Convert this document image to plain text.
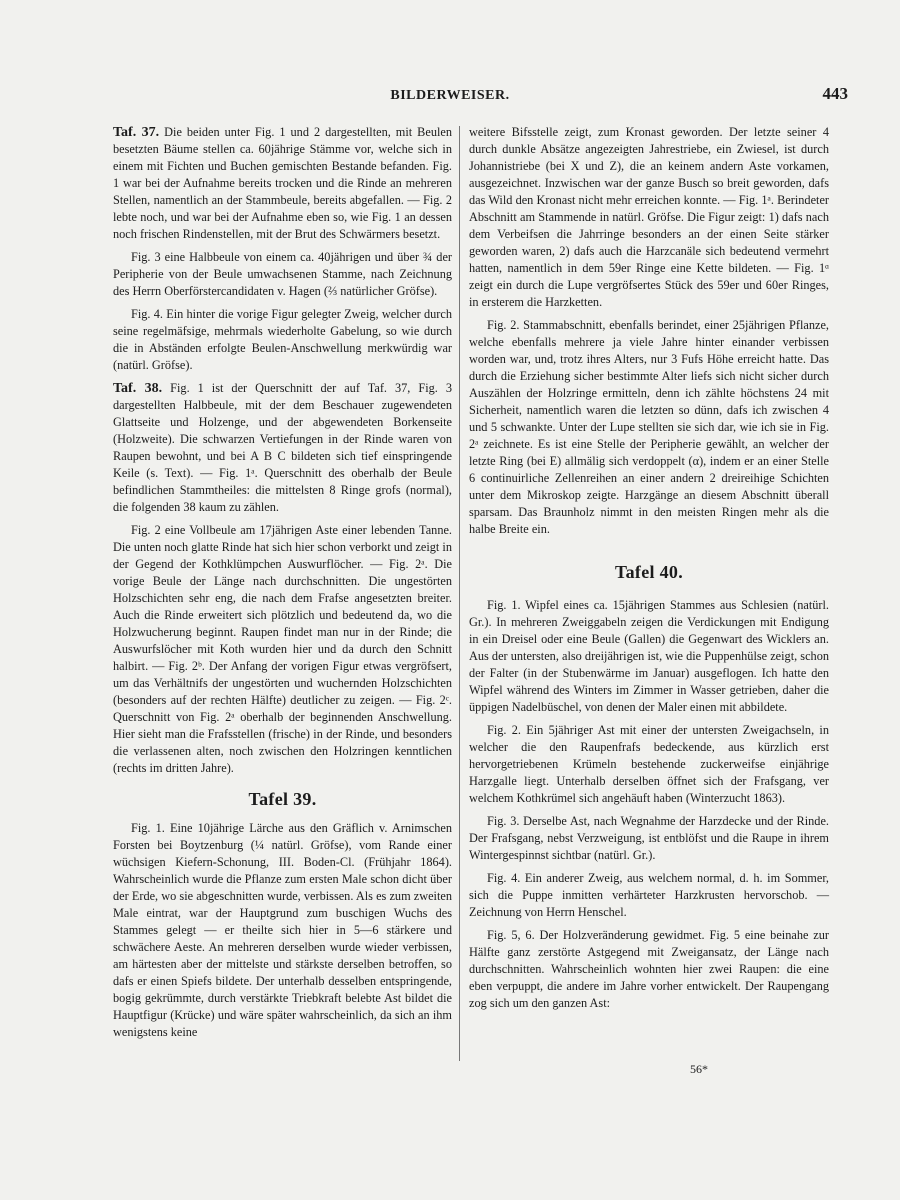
BILDERWEISER.	443

Taf. 37. Die beiden unter Fig. 1 und 2 dargestellten, mit Beulen besetzten Bäume stellen ca. 60jährige Stämme vor, welche sich in einem mit Fichten und Buchen gemischten Bestande befanden. Fig. 1 war bei der Aufnahme bereits trocken und die Rinde an mehreren Stellen, namentlich an der Stammbeule, bereits abgefallen. — Fig. 2 lebte noch, und war bei der Aufnahme eben so, wie Fig. 1 an dessen noch frischen Rindenstellen, mit der Brut des Schwärmers besetzt.

Fig. 3 eine Halbbeule von einem ca. 40jährigen und über ¾ der Peripherie von der Beule umwachsenen Stamme, nach Zeichnung des Herrn Oberförstercandidaten v. Hagen (⅔ natürlicher Gröfse).

Fig. 4. Ein hinter die vorige Figur gelegter Zweig, welcher durch seine regelmäfsige, mehrmals wiederholte Gabelung, so wie durch die in Abständen erfolgte Beulen-Anschwellung merkwürdig war (natürl. Gröfse).

Taf. 38. Fig. 1 ist der Querschnitt der auf Taf. 37, Fig. 3 dargestellten Halbbeule, mit der dem Beschauer zugewendeten Glattseite und Holzenge, und der abgewendeten Borkenseite (Holzweite). Die schwarzen Vertiefungen in der Rinde waren von Raupen bewohnt, und bei A B C bildeten sich tief einspringende Keile (s. Text). — Fig. 1ᵃ. Querschnitt des oberhalb der Beule befindlichen Stammtheiles: die mittelsten 8 Ringe grofs (normal), die folgenden 38 kaum zu zählen.

Fig. 2 eine Vollbeule am 17jährigen Aste einer lebenden Tanne. Die unten noch glatte Rinde hat sich hier schon verborkt und zeigt in der Gegend der Kothklümpchen Auswurflöcher. — Fig. 2ᵃ. Die vorige Beule der Länge nach durchschnitten. Die ungestörten Holzschichten sehr eng, die nach dem Frafse angesetzten breiter. Auch die Rinde erweitert sich plötzlich und bedeutend da, wo die Holzwucherung beginnt. Raupen findet man nur in der Rinde; die Auswurfslöcher mit Koth wurden hier und da durch den Schnitt halbirt. — Fig. 2ᵇ. Der Anfang der vorigen Figur etwas vergröfsert, um das Verhältnifs der ungestörten und wuchernden Holzschichten (besonders auf der rechten Hälfte) deutlicher zu zeigen. — Fig. 2ᶜ. Querschnitt von Fig. 2ᵃ oberhalb der beginnenden Anschwellung. Hier sieht man die Frafsstellen (frische) in der Rinde, und besonders die verlassenen alten, noch zwischen den Holzringen kenntlichen (rechts im dritten Jahre).

Tafel 39.

Fig. 1. Eine 10jährige Lärche aus den Gräflich v. Arnimschen Forsten bei Boytzenburg (¼ natürl. Gröfse), vom Rande einer wüchsigen Kiefern-Schonung, III. Boden-Cl. (Frühjahr 1864). Wahrscheinlich wurde die Pflanze zum ersten Male schon dicht über der Erde, wo sie abgeschnitten wurde, verbissen. Als es zum zweiten Male eintrat, war der Hauptgrund zum buschigen Wuchs des Stammes gelegt — er theilte sich hier in 5—6 stärkere und schwächere Aeste. An mehreren derselben wurde wieder verbissen, am härtesten aber der mittelste und stärkste derselben betroffen, so dafs er einen Spiefs bildete. Der unterhalb desselben entspringende, bogig gekrümmte, durch verstärkte Triebkraft belebte Ast bildet die Hauptfigur (Krücke) und wäre später wahrscheinlich, da sich an ihm wenigstens keine

weitere Bifsstelle zeigt, zum Kronast geworden. Der letzte seiner 4 durch dunkle Absätze angezeigten Jahrestriebe, ein Zwiesel, ist durch Johannistriebe (bei X und Z), die an keinem andern Aste vorkamen, ausgezeichnet. Inzwischen war der ganze Busch so breit geworden, dafs das Wild den Kronast nicht mehr erreichen konnte. — Fig. 1ᵃ. Berindeter Abschnitt am Stammende in natürl. Gröfse. Die Figur zeigt: 1) dafs nach dem Verbeifsen die Jahrringe besonders an der einen Seite stärker geworden waren, 2) dafs auch die Harzcanäle sich bedeutend vermehrt hatten, namentlich in dem 59er Ringe eine Kette bildeten. — Fig. 1ᵅ zeigt ein durch die Lupe vergröfsertes Stück des 59er und 60er Ringes, in ersterem die Harzketten.

Fig. 2. Stammabschnitt, ebenfalls berindet, einer 25jährigen Pflanze, welche ebenfalls mehrere ja viele Jahre hinter einander verbissen worden war, und, trotz ihres Alters, nur 3 Fufs Höhe erreicht hatte. Das durch die Erziehung sicher bestimmte Alter liefs sich nicht sicher durch Auszählen der Holzringe ermitteln, denn ich zählte höchstens 24 mit Sicherheit, namentlich waren die letzten so dünn, dafs ich zwischen 4 und 5 schwankte. Unter der Lupe stellten sie sich dar, wie ich sie in Fig. 2ᵃ zeichnete. Es ist eine Stelle der Peripherie gewählt, an welcher der letzte Ring (bei E) allmälig sich verdoppelt (α), indem er an einer Stelle 6 continuirliche Zellenreihen an einer andern 2 dreireihige Schichten unter dem Mikroskop zeigte. Harzgänge an diesem Abschnitt überall sparsam. Das Braunholz nimmt in den meisten Ringen mehr als die halbe Breite ein.

Tafel 40.

Fig. 1. Wipfel eines ca. 15jährigen Stammes aus Schlesien (natürl. Gr.). In mehreren Zweiggabeln zeigen die Verdickungen mit Endigung in ein Dreisel oder eine Beule (Gallen) die Gegenwart des Wicklers an. Aus der untersten, also dreijährigen ist, wie die Puppenhülse zeigt, schon der Falter (in der Stubenwärme im Januar) ausgeflogen. Ich hatte den Wipfel während des Winters im Zimmer in Wasser getrieben, daher die üppigen Nadelbüschel, von denen der Maler einen mit abbildete.

Fig. 2. Ein 5jähriger Ast mit einer der untersten Zweigachseln, in welcher die den Raupenfrafs bedeckende, aus kürzlich erst hervorgetriebenen Krümeln bestehende zuckerweifse einjährige Harzgalle liegt. Unterhalb derselben öffnet sich der Frafsgang, ver welchem Kothkrümel sich angehäuft haben (Winterzucht 1863).

Fig. 3. Derselbe Ast, nach Wegnahme der Harzdecke und der Rinde. Der Frafsgang, nebst Verzweigung, ist entblöfst und die Raupe in ihrem Wintergespinnst sichtbar (natürl. Gr.).

Fig. 4. Ein anderer Zweig, aus welchem normal, d. h. im Sommer, sich die Puppe inmitten verhärteter Harzkrusten hervorschob. — Zeichnung von Herrn Henschel.

Fig. 5, 6. Der Holzveränderung gewidmet. Fig. 5 eine beinahe zur Hälfte ganz zerstörte Astgegend mit Zweigansatz, der Länge nach durchschnitten. Wahrscheinlich wohnten hier zwei Raupen: die eine eben verpuppt, die andere im Jahre vorher entwickelt. Der Raupengang zog sich um den ganzen Ast:

56*
